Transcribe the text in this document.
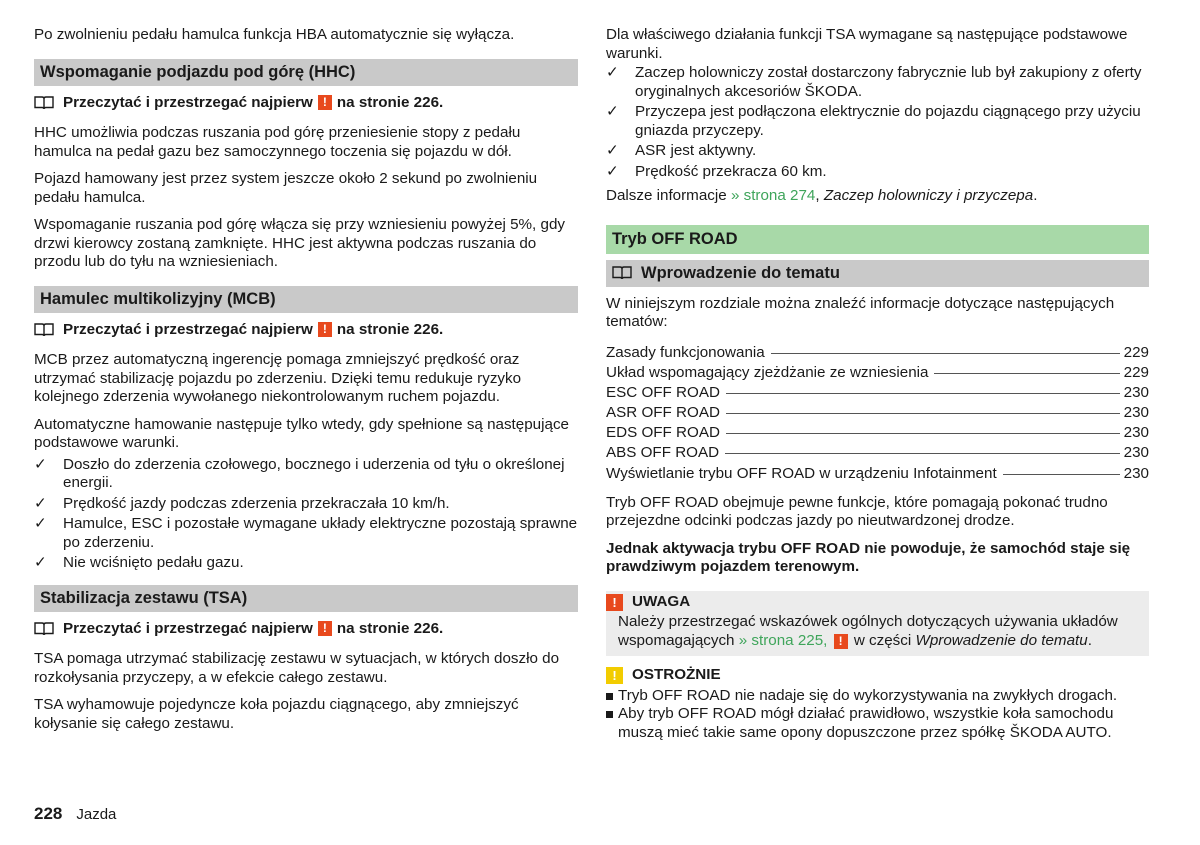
Po zwolnieniu pedału hamulca funkcja HBA automatycznie się wyłącza.

Wspomaganie podjazdu pod górę (HHC)
Przeczytać i przestrzegać najpierw ! na stronie 226.

HHC umożliwia podczas ruszania pod górę przeniesienie stopy z pedału hamulca na pedał gazu bez samoczynnego toczenia się pojazdu w dół.

Pojazd hamowany jest przez system jeszcze około 2 sekund po zwolnieniu pedału hamulca.

Wspomaganie ruszania pod górę włącza się przy wzniesieniu powyżej 5%, gdy drzwi kierowcy zostaną zamknięte. HHC jest aktywna podczas ruszania do przodu lub do tyłu na wzniesieniach.

Hamulec multikolizyjny (MCB)
Przeczytać i przestrzegać najpierw ! na stronie 226.

MCB przez automatyczną ingerencję pomaga zmniejszyć prędkość oraz utrzymać stabilizację pojazdu po zderzeniu. Dzięki temu redukuje ryzyko kolejnego zderzenia wywołanego niekontrolowanym ruchem pojazdu.

Automatyczne hamowanie następuje tylko wtedy, gdy spełnione są następujące podstawowe warunki.

✓ Doszło do zderzenia czołowego, bocznego i uderzenia od tyłu o określonej energii.
✓ Prędkość jazdy podczas zderzenia przekraczała 10 km/h.
✓ Hamulce, ESC i pozostałe wymagane układy elektryczne pozostają sprawne po zderzeniu.
✓ Nie wciśnięto pedału gazu.
Stabilizacja zestawu (TSA)
Przeczytać i przestrzegać najpierw ! na stronie 226.

TSA pomaga utrzymać stabilizację zestawu w sytuacjach, w których doszło do rozkołysania przyczepy, a w efekcie całego zestawu.

TSA wyhamowuje pojedyncze koła pojazdu ciągnącego, aby zmniejszyć kołysanie się całego zestawu.

Dla właściwego działania funkcji TSA wymagane są następujące podstawowe warunki.

✓ Zaczep holowniczy został dostarczony fabrycznie lub był zakupiony z oferty oryginalnych akcesoriów ŠKODA.
✓ Przyczepa jest podłączona elektrycznie do pojazdu ciągnącego przy użyciu gniazda przyczepy.
✓ ASR jest aktywny.
✓ Prędkość przekracza 60 km.

Dalsze informacje » strona 274, Zaczep holowniczy i przyczepa.

Tryb OFF ROAD
Wprowadzenie do tematu

W niniejszym rozdziale można znaleźć informacje dotyczące następujących tematów:

Zasady funkcjonowania	229
Układ wspomagający zjeżdżanie ze wzniesienia	229
ESC OFF ROAD	230
ASR OFF ROAD	230
EDS OFF ROAD	230
ABS OFF ROAD	230
Wyświetlanie trybu OFF ROAD w urządzeniu Infotainment	230

Tryb OFF ROAD obejmuje pewne funkcje, które pomagają pokonać trudno przejezdne odcinki podczas jazdy po nieutwardzonej drodze.

Jednak aktywacja trybu OFF ROAD nie powoduje, że samochód staje się prawdziwym pojazdem terenowym.

!	UWAGA

Należy przestrzegać wskazówek ogólnych dotyczących używania układów wspomagających » strona 225, ! w części Wprowadzenie do tematu.

!	OSTROŻNIE
Tryb OFF ROAD nie nadaje się do wykorzystywania na zwykłych drogach.
Aby tryb OFF ROAD mógł działać prawidłowo, wszystkie koła samochodu muszą mieć takie same opony dopuszczone przez spółkę ŠKODA AUTO.
228 Jazda
